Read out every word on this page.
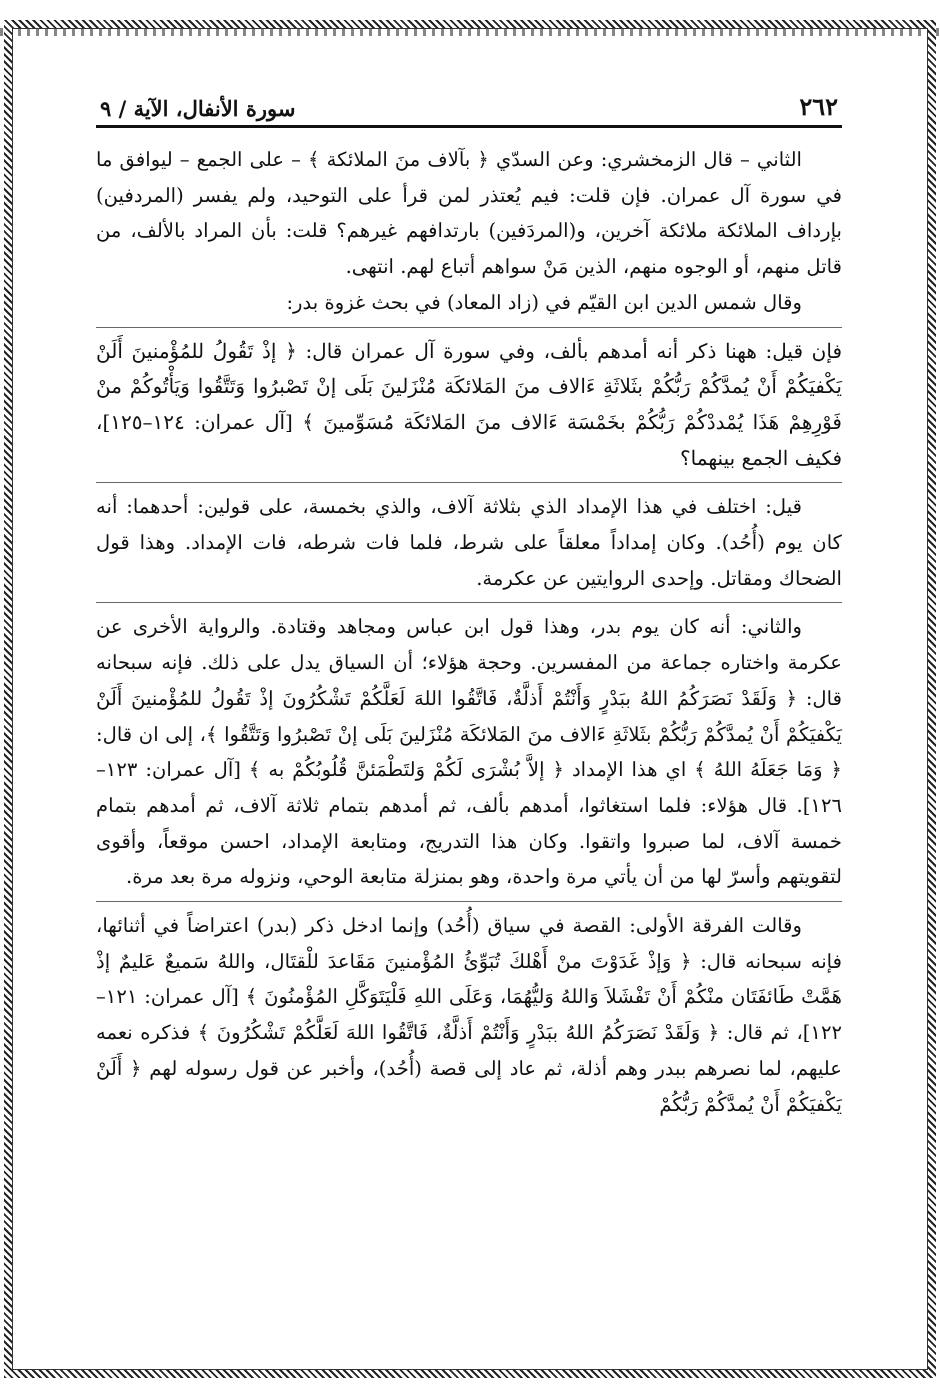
٢٦٢
سورة الأنفال، الآية / ٩

الثاني – قال الزمخشري: وعن السدّي ﴿ بآلاف منَ الملائكة ﴾ – على الجمع – ليوافق ما في سورة آل عمران. فإن قلت: فيم يُعتذر لمن قرأ على التوحيد، ولم يفسر (المردفين) بإرداف الملائكة ملائكة آخرين، و(المردَفين) بارتدافهم غيرهم؟ قلت: بأن المراد بالألف، من قاتل منهم، أو الوجوه منهم، الذين مَنْ سواهم أتباع لهم. انتهى.

وقال شمس الدين ابن القيّم في (زاد المعاد) في بحث غزوة بدر:

فإن قيل: ههنا ذكر أنه أمدهم بألف، وفي سورة آل عمران قال: ﴿ إذْ تَقُولُ للمُؤْمنينَ أَلَنْ يَكْفيَكُمْ أَنْ يُمدَّكُمْ رَبُّكُمْ بثَلاثَةِ ءَالاف منَ المَلائكَة مُنْزَلينَ بَلَى إنْ تَصْبرُوا وَتَتَّقُوا وَيَأْتُوكُمْ منْ فَوْرِهِمْ هَذَا يُمْددْكُمْ رَبُّكُمْ بخَمْسَة ءَالاف منَ المَلائكَة مُسَوِّمينَ ﴾ [آل عمران: ١٢٤–١٢٥]، فكيف الجمع بينهما؟

قيل: اختلف في هذا الإمداد الذي بثلاثة آلاف، والذي بخمسة، على قولين: أحدهما: أنه كان يوم (أُحُد). وكان إمداداً معلقاً على شرط، فلما فات شرطه، فات الإمداد. وهذا قول الضحاك ومقاتل. وإحدى الروايتين عن عكرمة.

والثاني: أنه كان يوم بدر، وهذا قول ابن عباس ومجاهد وقتادة. والرواية الأخرى عن عكرمة واختاره جماعة من المفسرين. وحجة هؤلاء؛ أن السياق يدل على ذلك. فإنه سبحانه قال: ﴿ وَلَقَدْ نَصَرَكُمُ اللهُ ببَدْرٍ وَأَنْتُمْ أَذلَّةٌ، فَاتَّقُوا اللهَ لَعَلَّكُمْ تَشْكُرُونَ إذْ تَقُولُ للمُؤْمنينَ أَلَنْ يَكْفيَكُمْ أَنْ يُمدَّكُمْ رَبُّكُمْ بثَلاثَةِ ءَالاف منَ المَلائكَة مُنْزَلينَ بَلَى إنْ تَصْبرُوا وَتَتَّقُوا ﴾، إلى ان قال: ﴿ وَمَا جَعَلَهُ اللهُ ﴾ اي هذا الإمداد ﴿ إلاَّ بُشْرَى لَكُمْ وَلتَطْمَئنَّ قُلُوبُكُمْ به ﴾ [آل عمران: ١٢٣–١٢٦]. قال هؤلاء: فلما استغاثوا، أمدهم بألف، ثم أمدهم بتمام ثلاثة آلاف، ثم أمدهم بتمام خمسة آلاف، لما صبروا واتقوا. وكان هذا التدريج، ومتابعة الإمداد، احسن موقعاً، وأقوى لتقويتهم وأسرّ لها من أن يأتي مرة واحدة، وهو بمنزلة متابعة الوحي، ونزوله مرة بعد مرة.

وقالت الفرقة الأولى: القصة في سياق (أُحُد) وإنما ادخل ذكر (بدر) اعتراضاً في أثنائها، فإنه سبحانه قال: ﴿ وَإذْ غَدَوْتَ منْ أَهْلكَ تُبَوِّئُ المُؤْمنينَ مَقَاعدَ للْقتَال، واللهُ سَميعٌ عَليمٌ إذْ هَمَّتْ طَائفَتَان منْكُمْ أَنْ تَفْشَلاَ وَاللهُ وَليُّهُمَا، وَعَلَى اللهِ فَلْيَتَوَكَّلِ المُؤْمنُونَ ﴾ [آل عمران: ١٢١–١٢٢]، ثم قال: ﴿ وَلَقَدْ نَصَرَكُمُ اللهُ ببَدْرٍ وَأَنْتُمْ أَذلَّةٌ، فَاتَّقُوا اللهَ لَعَلَّكُمْ تَشْكُرُونَ ﴾ فذكره نعمه عليهم، لما نصرهم ببدر وهم أذلة، ثم عاد إلى قصة (أُحُد)، وأخبر عن قول رسوله لهم ﴿ أَلَنْ يَكْفيَكُمْ أَنْ يُمدَّكُمْ رَبُّكُمْ
